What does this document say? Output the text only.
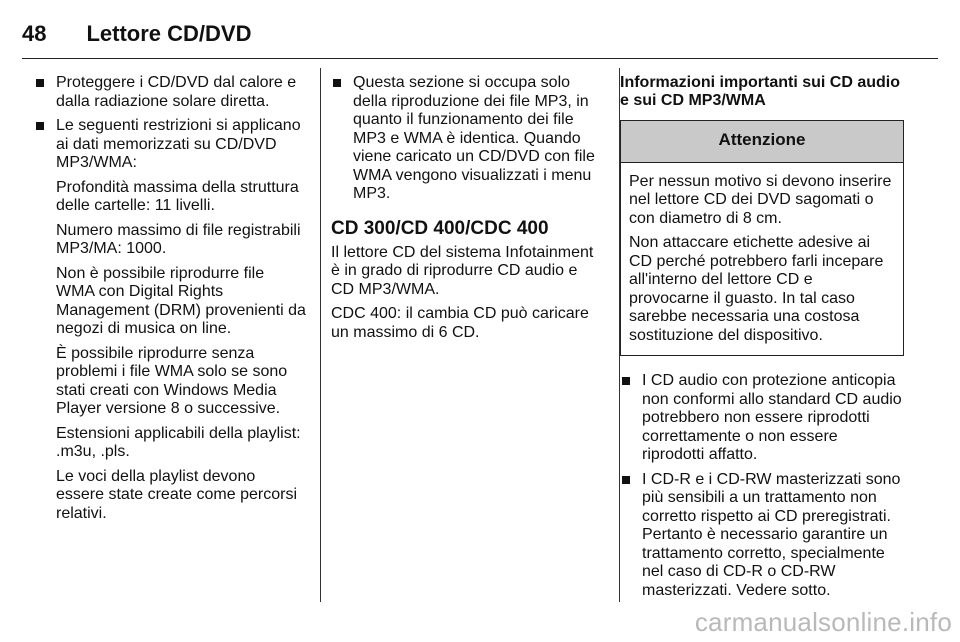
48 Lettore CD/DVD
Proteggere i CD/DVD dal calore e dalla radiazione solare diretta.
Le seguenti restrizioni si applicano ai dati memorizzati su CD/DVD MP3/WMA:

Profondità massima della struttura delle cartelle: 11 livelli.

Numero massimo di file registrabili MP3/MA: 1000.

Non è possibile riprodurre file WMA con Digital Rights Management (DRM) provenienti da negozi di musica on line.

È possibile riprodurre senza problemi i file WMA solo se sono stati creati con Windows Media Player versione 8 o successive.

Estensioni applicabili della playlist: .m3u, .pls.

Le voci della playlist devono essere state create come percorsi relativi.

Questa sezione si occupa solo della riproduzione dei file MP3, in quanto il funzionamento dei file MP3 e WMA è identica. Quando viene caricato un CD/DVD con file WMA vengono visualizzati i menu MP3.
CD 300/CD 400/CDC 400

Il lettore CD del sistema Infotainment è in grado di riprodurre CD audio e CD MP3/WMA.

CDC 400: il cambia CD può caricare un massimo di 6 CD.

Informazioni importanti sui CD audio e sui CD MP3/WMA
Attenzione

Per nessun motivo si devono inserire nel lettore CD dei DVD sagomati o con diametro di 8 cm.

Non attaccare etichette adesive ai CD perché potrebbero farli incepare all'interno del lettore CD e provocarne il guasto. In tal caso sarebbe necessaria una costosa sostituzione del dispositivo.

I CD audio con protezione anticopia non conformi allo standard CD audio potrebbero non essere riprodotti correttamente o non essere riprodotti affatto.
I CD-R e i CD-RW masterizzati sono più sensibili a un trattamento non corretto rispetto ai CD preregistrati. Pertanto è necessario garantire un trattamento corretto, specialmente nel caso di CD-R o CD-RW masterizzati. Vedere sotto.
carmanualsonline.info
